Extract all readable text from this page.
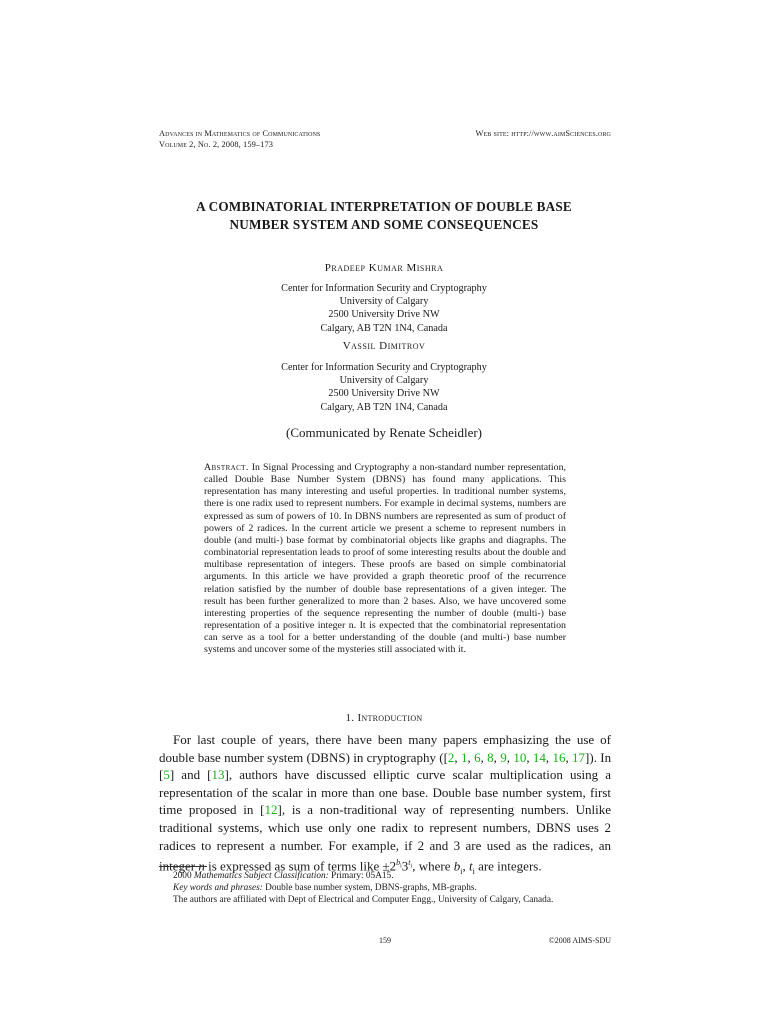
Advances in Mathematics of Communications
Volume 2, No. 2, 2008, 159–173
Web site: http://www.aimSciences.org
A COMBINATORIAL INTERPRETATION OF DOUBLE BASE
NUMBER SYSTEM AND SOME CONSEQUENCES
Pradeep Kumar Mishra
Center for Information Security and Cryptography
University of Calgary
2500 University Drive NW
Calgary, AB T2N 1N4, Canada
Vassil Dimitrov
Center for Information Security and Cryptography
University of Calgary
2500 University Drive NW
Calgary, AB T2N 1N4, Canada
(Communicated by Renate Scheidler)
Abstract. In Signal Processing and Cryptography a non-standard number representation, called Double Base Number System (DBNS) has found many applications. This representation has many interesting and useful properties. In traditional number systems, there is one radix used to represent numbers. For example in decimal systems, numbers are expressed as sum of powers of 10. In DBNS numbers are represented as sum of product of powers of 2 radices. In the current article we present a scheme to represent numbers in double (and multi-) base format by combinatorial objects like graphs and diagraphs. The combinatorial representation leads to proof of some interesting results about the double and multibase representation of integers. These proofs are based on simple combinatorial arguments. In this article we have provided a graph theoretic proof of the recurrence relation satisfied by the number of double base representations of a given integer. The result has been further generalized to more than 2 bases. Also, we have uncovered some interesting properties of the sequence representing the number of double (multi-) base representation of a positive integer n. It is expected that the combinatorial representation can serve as a tool for a better understanding of the double (and multi-) base number systems and uncover some of the mysteries still associated with it.
1. Introduction

For last couple of years, there have been many papers emphasizing the use of double base number system (DBNS) in cryptography ([2, 1, 6, 8, 9, 10, 14, 16, 17]). In [5] and [13], authors have discussed elliptic curve scalar multiplication using a representation of the scalar in more than one base. Double base number system, first time proposed in [12], is a non-traditional way of representing numbers. Unlike traditional systems, which use only one radix to represent numbers, DBNS uses 2 radices to represent a number. For example, if 2 and 3 are used as the radices, an integer n is expressed as sum of terms like $\pm 2^{b_i}3^{t_i}$, where $b_i$, $t_i$ are integers.

2000 Mathematics Subject Classification: Primary: 05A15.
Key words and phrases: Double base number system, DBNS-graphs, MB-graphs.
The authors are affiliated with Dept of Electrical and Computer Engg., University of Calgary, Canada.
159	©2008 AIMS-SDU
